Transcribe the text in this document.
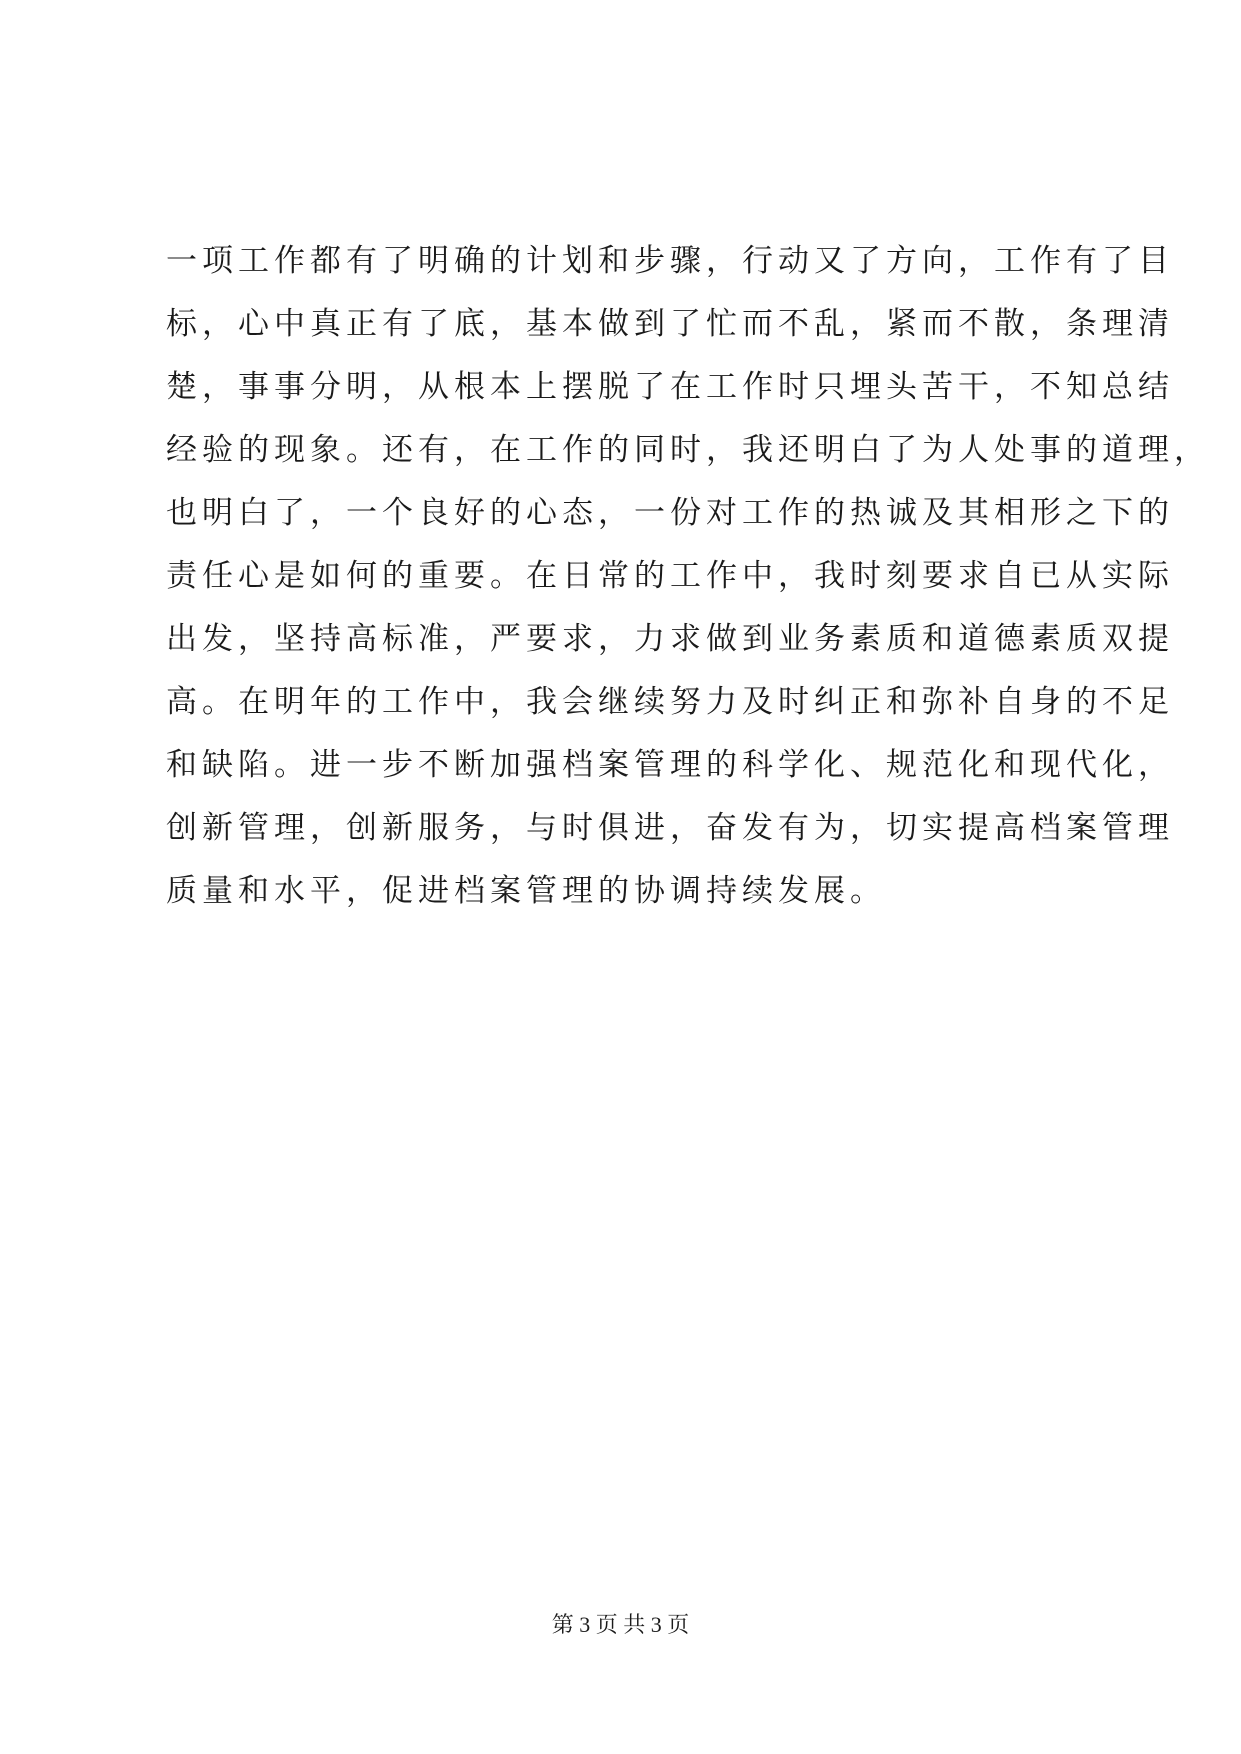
一项工作都有了明确的计划和步骤，行动又了方向，工作有了目
标，心中真正有了底，基本做到了忙而不乱，紧而不散，条理清
楚，事事分明，从根本上摆脱了在工作时只埋头苦干，不知总结
经验的现象。还有，在工作的同时，我还明白了为人处事的道理，
也明白了，一个良好的心态，一份对工作的热诚及其相形之下的
责任心是如何的重要。在日常的工作中，我时刻要求自已从实际
出发，坚持高标准，严要求，力求做到业务素质和道德素质双提
高。在明年的工作中，我会继续努力及时纠正和弥补自身的不足
和缺陷。进一步不断加强档案管理的科学化、规范化和现代化，
创新管理，创新服务，与时俱进，奋发有为，切实提高档案管理
质量和水平，促进档案管理的协调持续发展。
第 3 页 共 3 页
